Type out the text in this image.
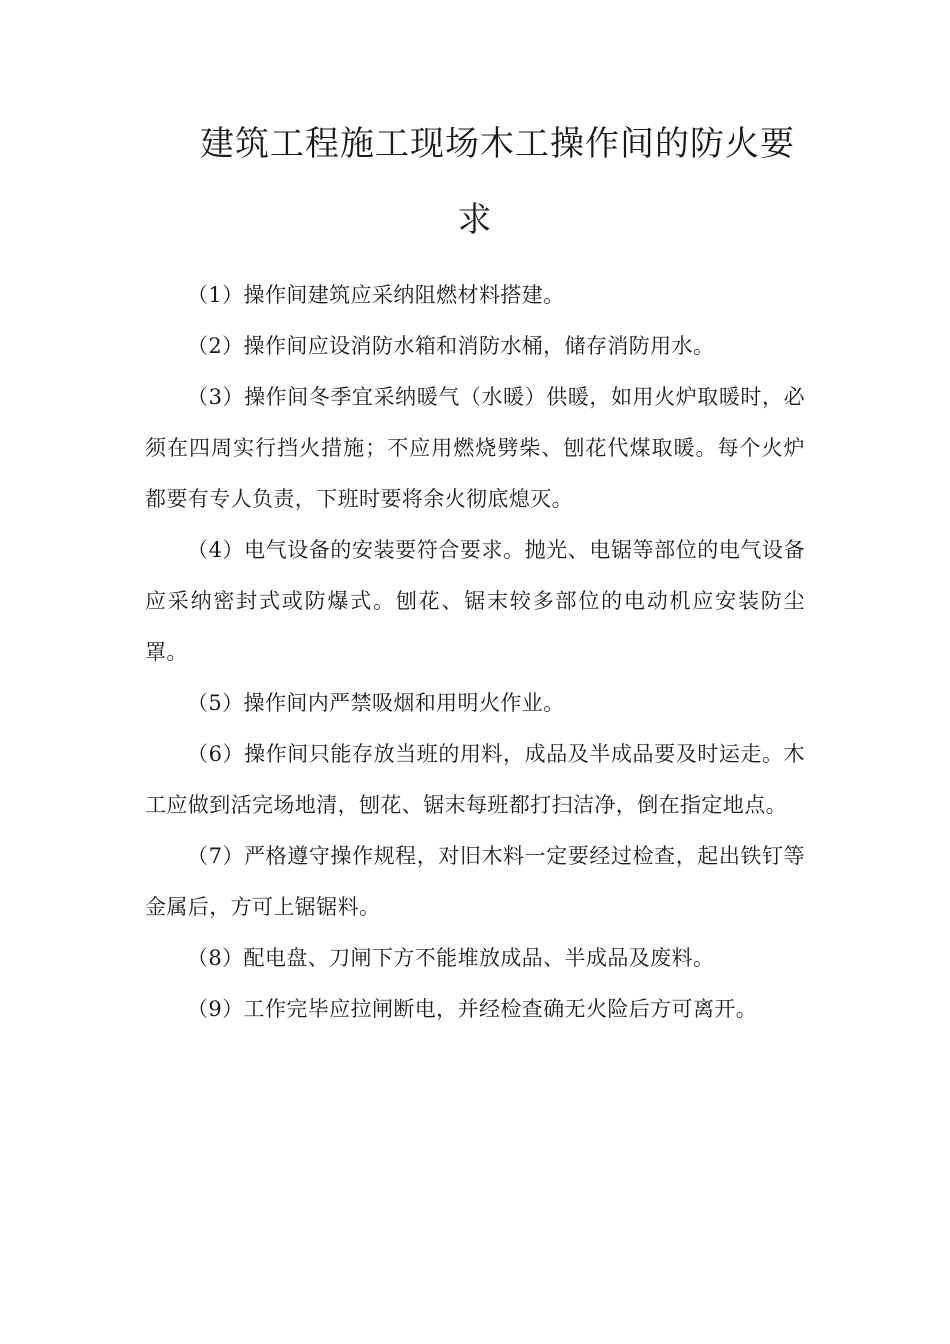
建筑工程施工现场木工操作间的防火要
求

（1）操作间建筑应采纳阻燃材料搭建。

（2）操作间应设消防水箱和消防水桶，储存消防用水。

（3）操作间冬季宜采纳暖气（水暖）供暖，如用火炉取暖时，必须在四周实行挡火措施；不应用燃烧劈柴、刨花代煤取暖。每个火炉都要有专人负责，下班时要将余火彻底熄灭。

（4）电气设备的安装要符合要求。抛光、电锯等部位的电气设备应采纳密封式或防爆式。刨花、锯末较多部位的电动机应安装防尘罩。

（5）操作间内严禁吸烟和用明火作业。

（6）操作间只能存放当班的用料，成品及半成品要及时运走。木工应做到活完场地清，刨花、锯末每班都打扫洁净，倒在指定地点。

（7）严格遵守操作规程，对旧木料一定要经过检查，起出铁钉等金属后，方可上锯锯料。

（8）配电盘、刀闸下方不能堆放成品、半成品及废料。

（9）工作完毕应拉闸断电，并经检查确无火险后方可离开。
